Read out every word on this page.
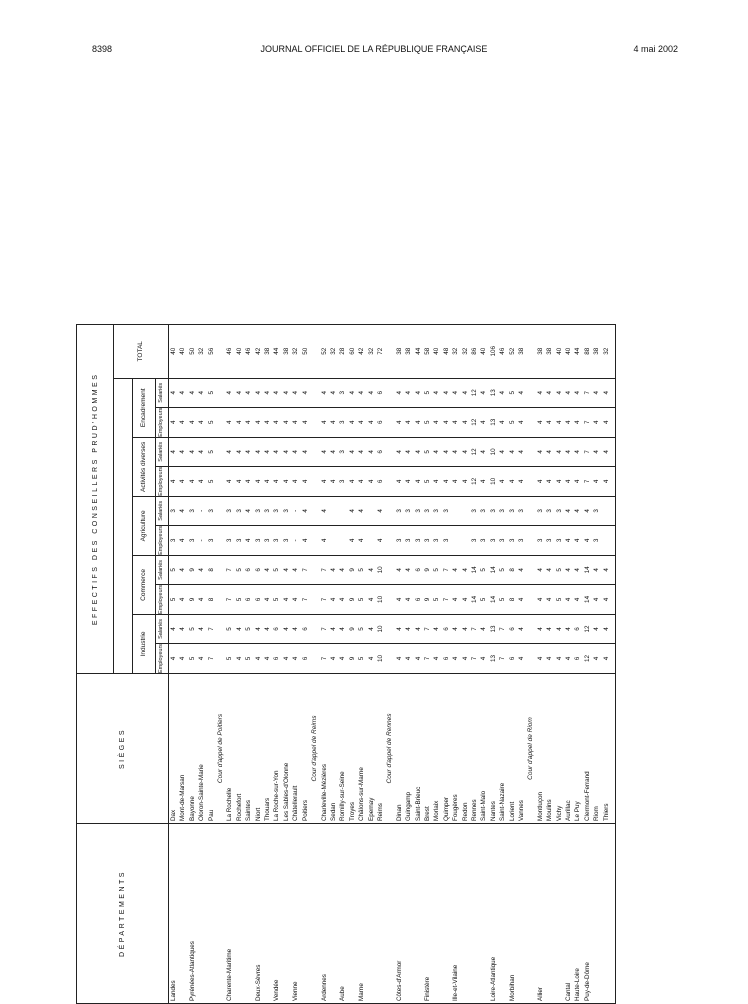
8398	JOURNAL OFFICIEL DE LA RÉPUBLIQUE FRANÇAISE	4 mai 2002
DÉPARTEMENTS	SIÈGES	EFFECTIFS DES CONSEILLERS PRUD'HOMMES										
												TOTAL
		Industrie		Commerce		Agriculture		Activités diverses		Encadrement		
		Employeurs	Salariés	Employeurs	Salariés	Employeurs	Salariés	Employeurs	Salariés	Employeurs	Salariés	
Landes	Dax	4	4	5	5	3	3	4	4	4	4	40
	Mont-de-Marsan	4	4	4	4	4	4	4	4	4	4	40
Pyrénées-Atlantiques	Bayonne	5	5	9	9	3	3	4	4	4	4	50
	Oloron-Sainte-Marie	4	4	4	4	-	-	4	4	4	4	32
	Pau	7	7	8	8	3	3	5	5	5	5	56
	Cour d'appel de Poitiers											
Charente-Maritime	La Rochelle	5	5	7	7	3	3	4	4	4	4	46
	Rochefort	4	4	5	5	3	3	4	4	4	4	40
	Saintes	5	5	6	6	4	4	4	4	4	4	46
Deux-Sèvres	Niort	4	4	6	6	3	3	4	4	4	4	42
	Thouars	4	4	4	4	3	3	4	4	4	4	38
Vendée	La Roche-sur-Yon	6	6	5	5	3	3	4	4	4	4	44
	Les Sables-d'Olonne	4	4	4	4	3	3	4	4	4	4	38
Vienne	Châtellerault	4	4	4	4	-	-	4	4	4	4	32
	Poitiers	6	6	7	7	4	4	4	4	4	4	50
	Cour d'appel de Reims											
Ardennes	Charleville-Mézières	7	7	7	7	4	4	4	4	4	4	52
	Sedan	4	4	4	4			4	4	4	4	32
Aube	Romilly-sur-Seine	4	4	4	4			3	3	3	3	28
	Troyes	9	9	9	9	4	4	4	4	4	4	60
Marne	Châlons-sur-Marne	5	5	5	5	4	4	4	4	4	4	42
	Epernay	4	4	4	4			4	4	4	4	32
	Reims	10	10	10	10	4	4	6	6	6	6	72
	Cour d'appel de Rennes											
Côtes-d'Armor	Dinan	4	4	4	4	3	3	4	4	4	4	38
	Guingamp	4	4	4	4	3	3	4	4	4	4	38
	Saint-Brieuc	4	4	6	6	3	3	4	4	4	4	44
Finistère	Brest	7	7	9	9	3	3	5	5	5	5	58
	Morlaix	4	4	5	5	3	3	4	4	4	4	40
	Quimper	6	6	7	7	3	3	4	4	4	4	48
Ille-et-Vilaine	Fougères	4	4	4	4			4	4	4	4	32
	Redon	4	4	4	4			4	4	4	4	32
	Rennes	7	7	14	14	3	3	12	12	12	12	86
	Saint-Malo	4	4	5	5	3	3	4	4	4	4	40
Loire-Atlantique	Nantes	13	13	14	14	3	3	10	10	13	13	106
	Saint-Nazaire	7	7	5	5	3	3	4	4	4	4	46
Morbihan	Lorient	6	6	8	8	3	3	4	4	5	5	52
	Vannes	4	4	4	4	3	3	4	4	4	4	38
	Cour d'appel de Riom											
Allier	Montluçon	4	4	4	4	3	3	4	4	4	4	38
	Moulins	4	4	4	4	3	3	4	4	4	4	38
	Vichy	4	4	5	5	3	3	4	4	4	4	40
Cantal	Aurillac	4	4	4	4	4	4	4	4	4	4	40
Haute-Loire	Le Puy	6	6	4	4	4	4	4	4	4	4	44
Puy-de-Dôme	Clermont-Ferrand	12	12	14	14	4	4	7	7	7	7	88
	Riom	4	4	4	4	3	3	4	4	4	4	38
	Thiers	4	4	4	4			4	4	4	4	32
